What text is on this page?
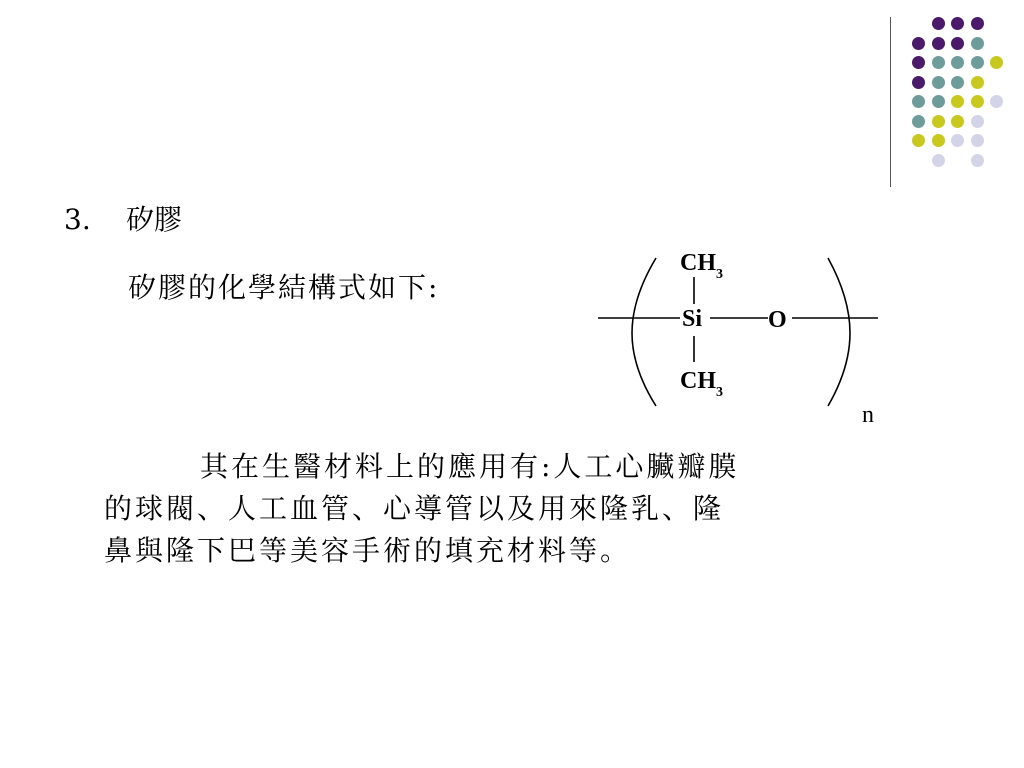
3. 矽膠
矽膠的化學結構式如下:
$CH_3$
Si	O
$CH_3$
n
其在生醫材料上的應用有:人工心臟瓣膜
的球閥、人工血管、心導管以及用來隆乳、隆
鼻與隆下巴等美容手術的填充材料等。
